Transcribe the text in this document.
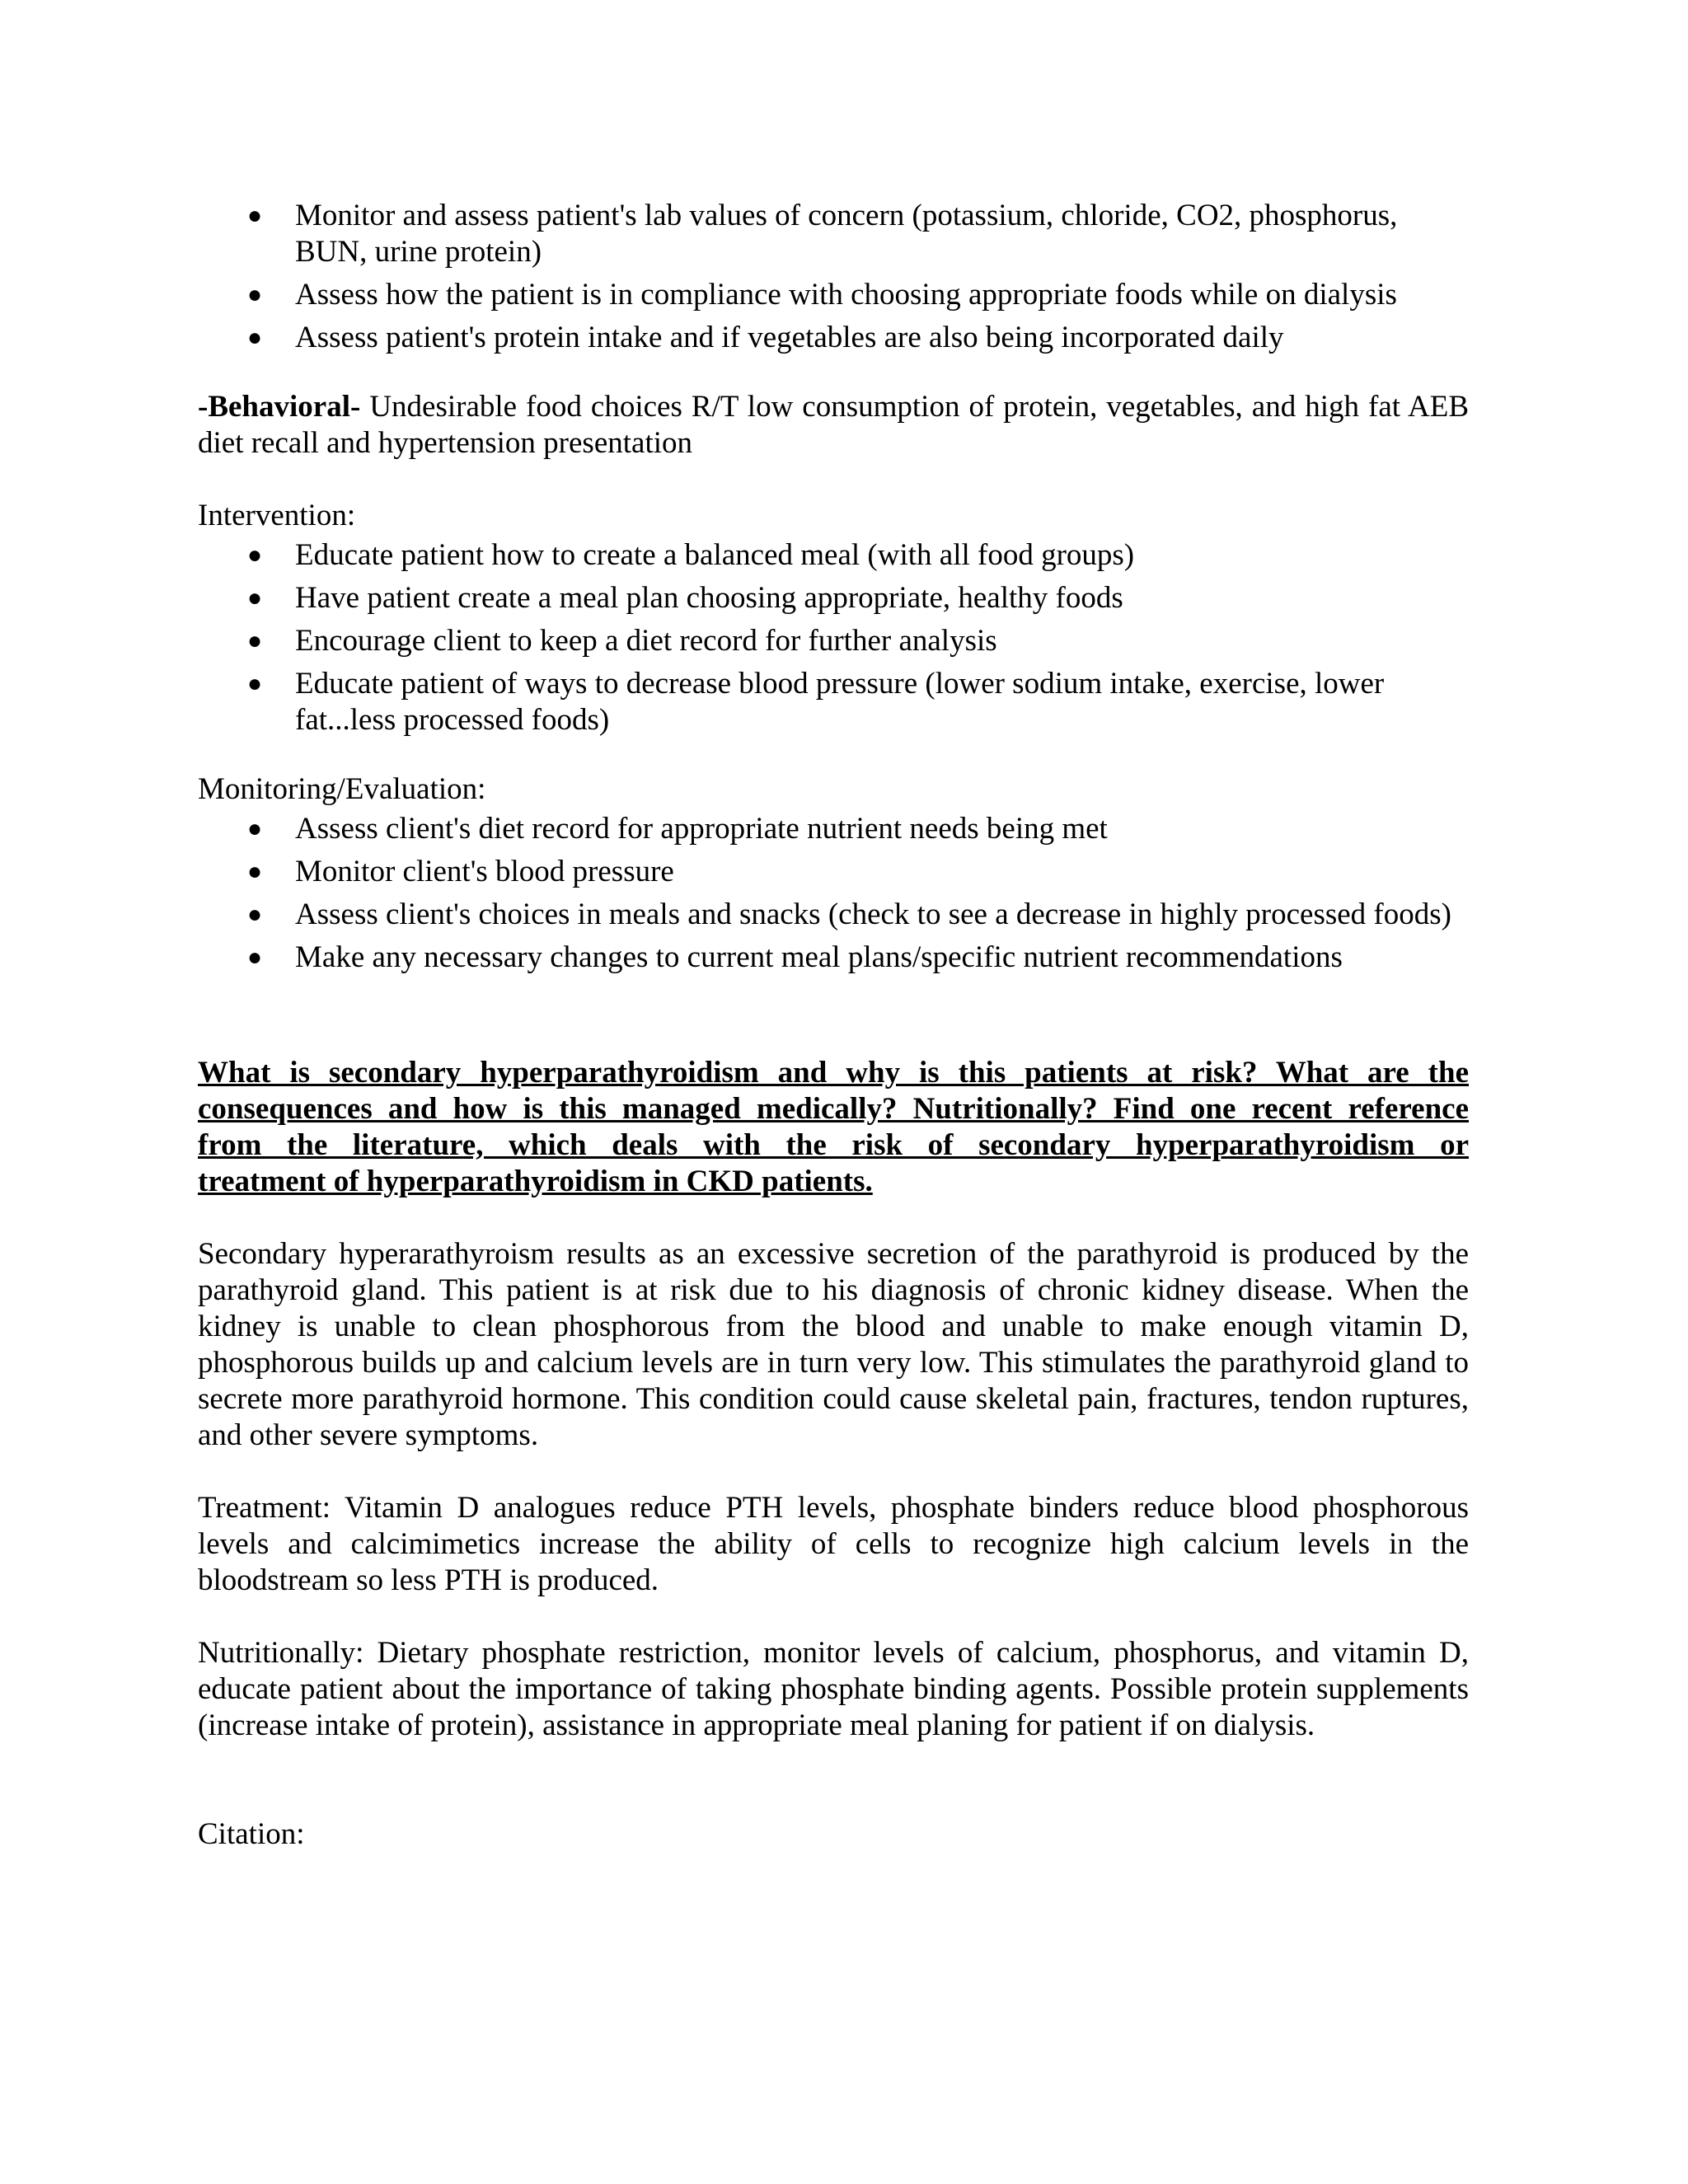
● Monitor and assess patient's lab values of concern (potassium, chloride, CO2, phosphorus, BUN, urine protein)
● Assess how the patient is in compliance with choosing appropriate foods while on dialysis
● Assess patient's protein intake and if vegetables are also being incorporated daily

-Behavioral- Undesirable food choices R/T low consumption of protein, vegetables, and high fat AEB diet recall and hypertension presentation

Intervention:

● Educate patient how to create a balanced meal (with all food groups)
● Have patient create a meal plan choosing appropriate, healthy foods
● Encourage client to keep a diet record for further analysis
● Educate patient of ways to decrease blood pressure (lower sodium intake, exercise, lower fat...less processed foods)

Monitoring/Evaluation:

● Assess client's diet record for appropriate nutrient needs being met
● Monitor client's blood pressure
● Assess client's choices in meals and snacks (check to see a decrease in highly processed foods)
● Make any necessary changes to current meal plans/specific nutrient recommendations
What is secondary hyperparathyroidism and why is this patients at risk? What are the
consequences and how is this managed medically? Nutritionally? Find one recent reference
from the literature, which deals with the risk of secondary hyperparathyroidism or
treatment of hyperparathyroidism in CKD patients.

Secondary hyperarathyroism results as an excessive secretion of the parathyroid is produced by the parathyroid gland. This patient is at risk due to his diagnosis of chronic kidney disease. When the kidney is unable to clean phosphorous from the blood and unable to make enough vitamin D, phosphorous builds up and calcium levels are in turn very low. This stimulates the parathyroid gland to secrete more parathyroid hormone. This condition could cause skeletal pain, fractures, tendon ruptures, and other severe symptoms.

Treatment: Vitamin D analogues reduce PTH levels, phosphate binders reduce blood phosphorous levels and calcimimetics increase the ability of cells to recognize high calcium levels in the bloodstream so less PTH is produced.

Nutritionally: Dietary phosphate restriction, monitor levels of calcium, phosphorus, and vitamin D, educate patient about the importance of taking phosphate binding agents. Possible protein supplements (increase intake of protein), assistance in appropriate meal planing for patient if on dialysis.

Citation:
